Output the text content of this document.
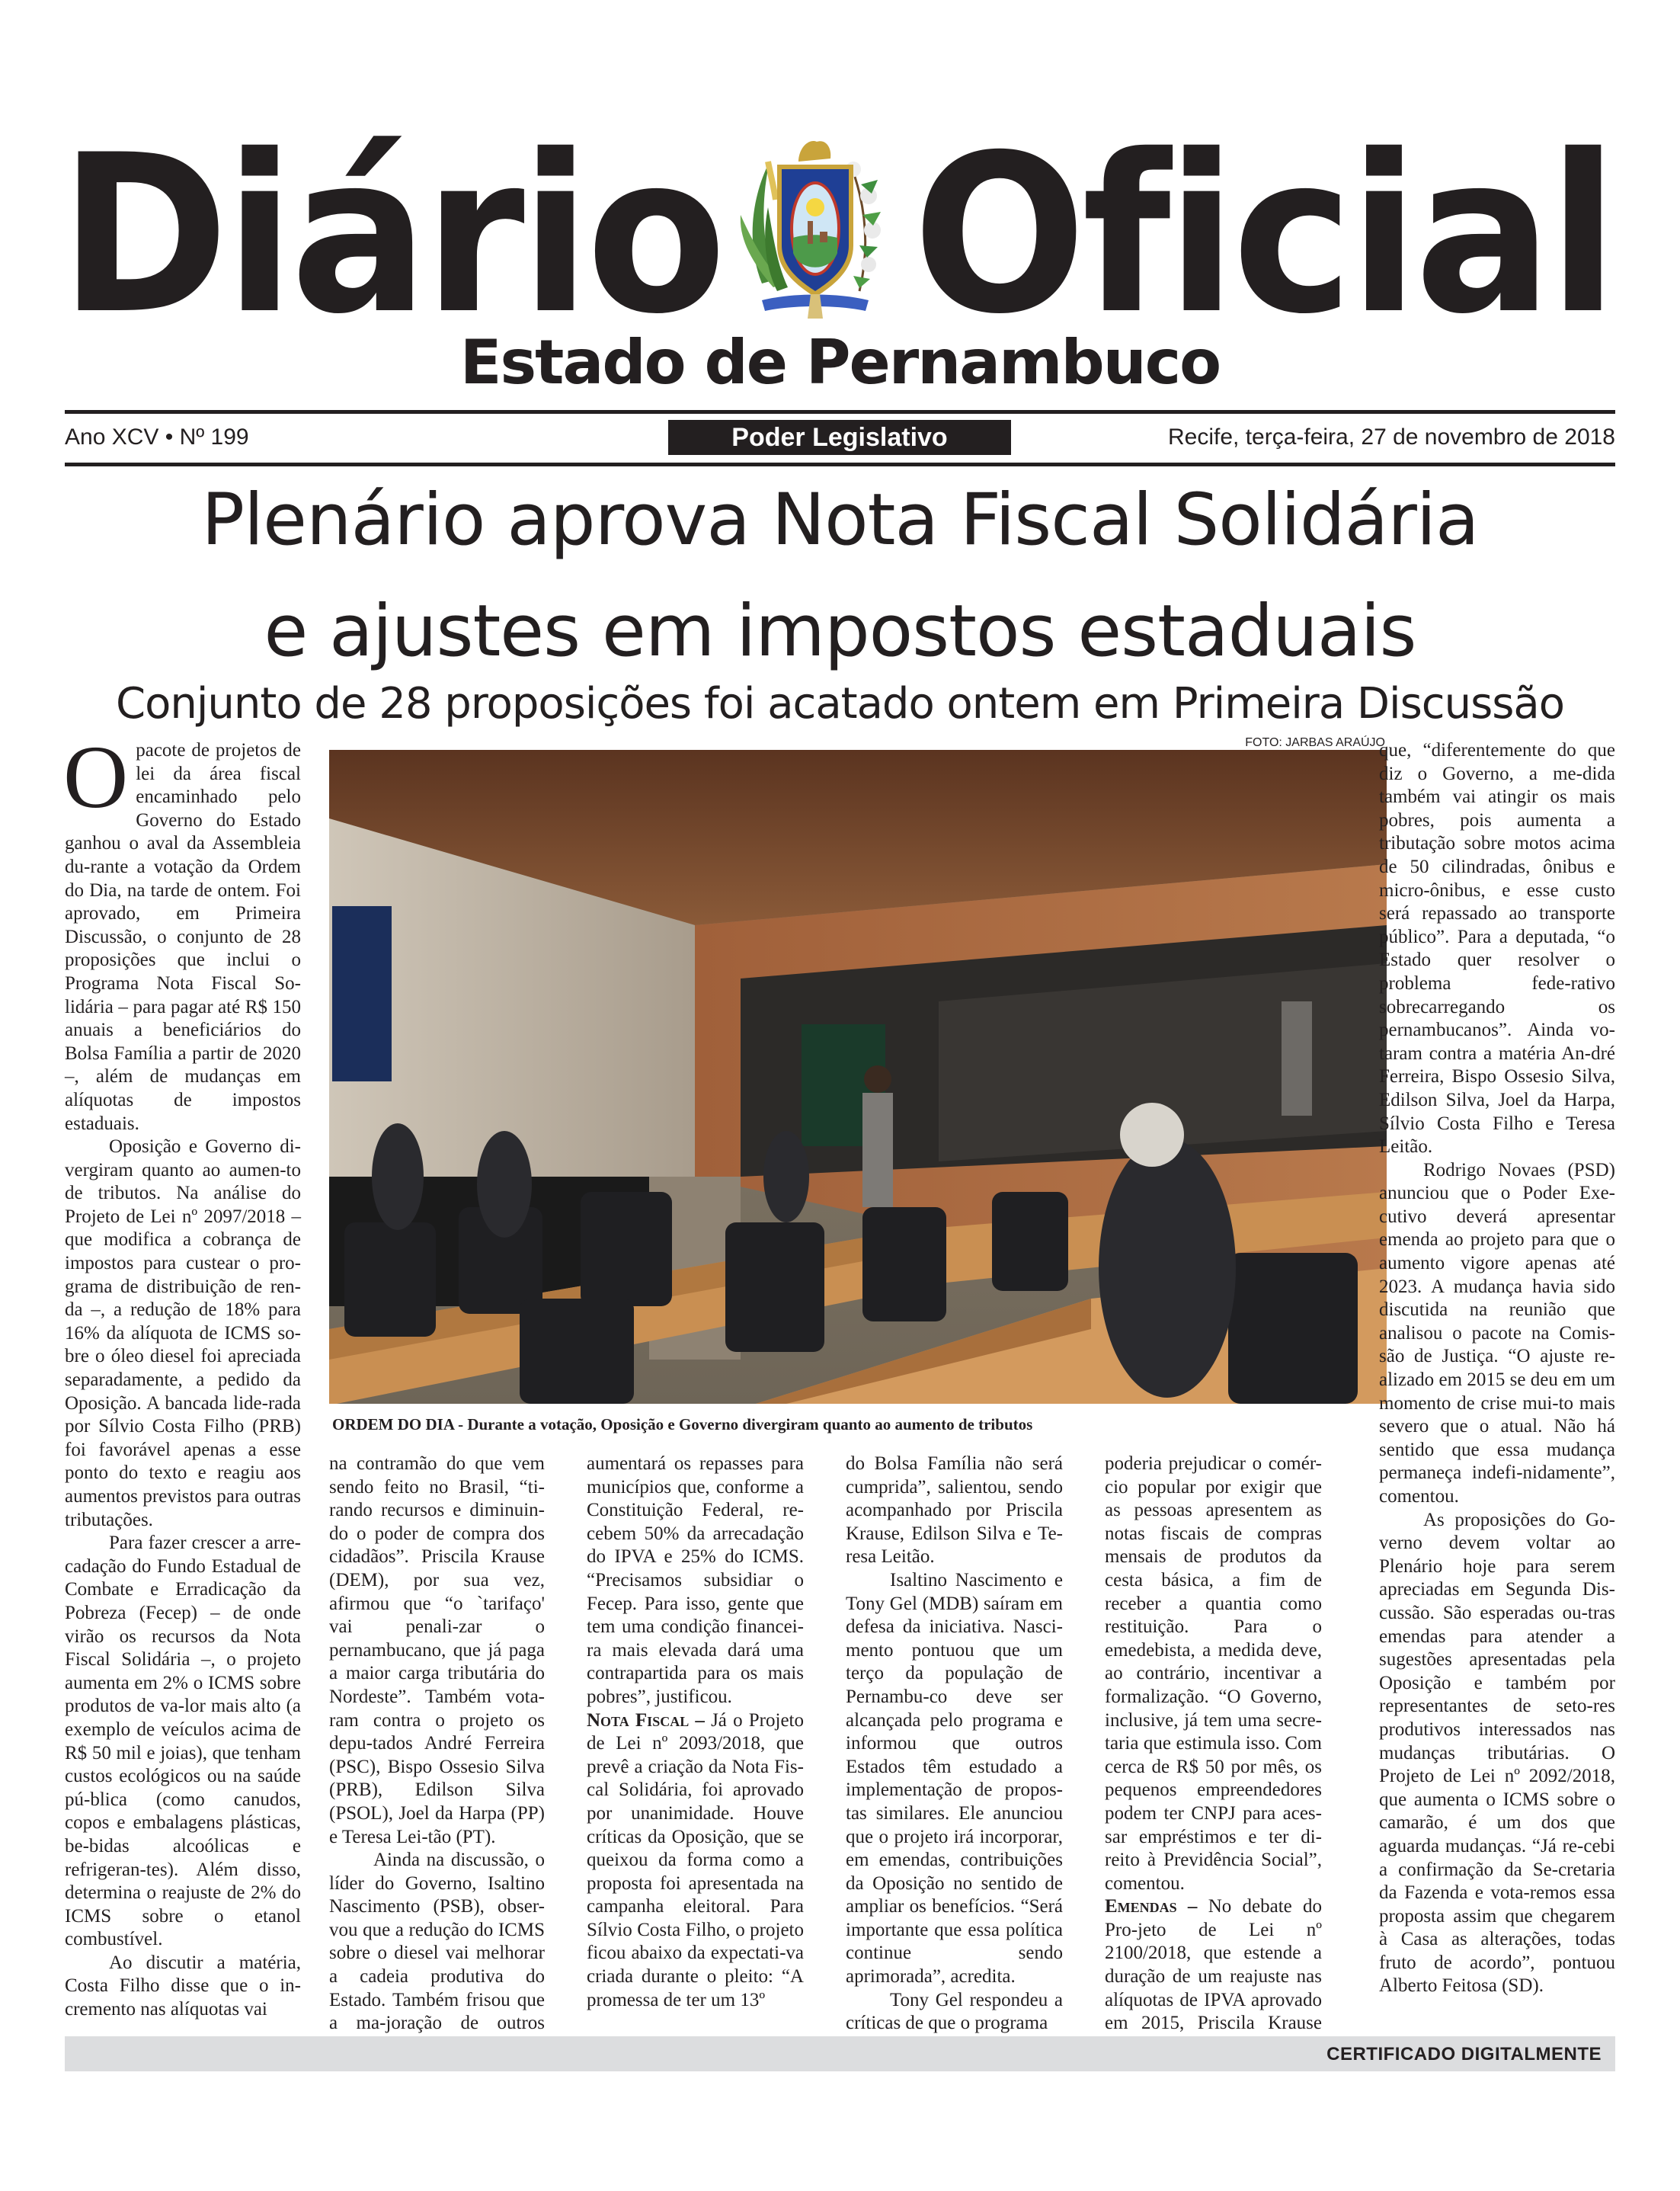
Diário Oficial
Estado de Pernambuco
Ano XCV • Nº 199	Poder Legislativo	Recife, terça-feira, 27 de novembro de 2018
Plenário aprova Nota Fiscal Solidária
e ajustes em impostos estaduais
Conjunto de 28 proposições foi acatado ontem em Primeira Discussão

Opacote de projetos de lei da área fiscal encaminhado pelo Governo do Estado ganhou o aval da Assembleia du-rante a votação da Ordem do Dia, na tarde de ontem. Foi aprovado, em Primeira Discussão, o conjunto de 28 proposições que inclui o Programa Nota Fiscal So-lidária – para pagar até R$ 150 anuais a beneficiários do Bolsa Família a partir de 2020 –, além de mudanças em alíquotas de impostos estaduais.

Oposição e Governo di-vergiram quanto ao aumen-to de tributos. Na análise do Projeto de Lei nº 2097/2018 – que modifica a cobrança de impostos para custear o pro-grama de distribuição de ren-da –, a redução de 18% para 16% da alíquota de ICMS so-bre o óleo diesel foi apreciada separadamente, a pedido da Oposição. A bancada lide-rada por Sílvio Costa Filho (PRB) foi favorável apenas a esse ponto do texto e reagiu aos aumentos previstos para outras tributações.

Para fazer crescer a arre-cadação do Fundo Estadual de Combate e Erradicação da Pobreza (Fecep) – de onde virão os recursos da Nota Fiscal Solidária –, o projeto aumenta em 2% o ICMS sobre produtos de va-lor mais alto (a exemplo de veículos acima de R$ 50 mil e joias), que tenham custos ecológicos ou na saúde pú-blica (como canudos, copos e embalagens plásticas, be-bidas alcoólicas e refrigeran-tes). Além disso, determina o reajuste de 2% do ICMS sobre o etanol combustível.

Ao discutir a matéria, Costa Filho disse que o in-cremento nas alíquotas vai

FOTO: JARBAS ARAÚJO
ORDEM DO DIA - Durante a votação, Oposição e Governo divergiram quanto ao aumento de tributos

na contramão do que vem sendo feito no Brasil, “ti-rando recursos e diminuin-do o poder de compra dos cidadãos”. Priscila Krause (DEM), por sua vez, afirmou que “o `tarifaço' vai penali-zar o pernambucano, que já paga a maior carga tributária do Nordeste”. Também vota-ram contra o projeto os depu-tados André Ferreira (PSC), Bispo Ossesio Silva (PRB), Edilson Silva (PSOL), Joel da Harpa (PP) e Teresa Lei-tão (PT).

Ainda na discussão, o líder do Governo, Isaltino Nascimento (PSB), obser-vou que a redução do ICMS sobre o diesel vai melhorar a cadeia produtiva do Estado. Também frisou que a ma-joração de outros

aumentará os repasses para municípios que, conforme a Constituição Federal, re-cebem 50% da arrecadação do IPVA e 25% do ICMS. “Precisamos subsidiar o Fecep. Para isso, gente que tem uma condição financei-ra mais elevada dará uma contrapartida para os mais pobres”, justificou.

Nota Fiscal – Já o Projeto de Lei nº 2093/2018, que prevê a criação da Nota Fis-cal Solidária, foi aprovado por unanimidade. Houve críticas da Oposição, que se queixou da forma como a proposta foi apresentada na campanha eleitoral. Para Sílvio Costa Filho, o projeto ficou abaixo da expectati-va criada durante o pleito: “A promessa de ter um 13º

do Bolsa Família não será cumprida”, salientou, sendo acompanhado por Priscila Krause, Edilson Silva e Te-resa Leitão.

Isaltino Nascimento e Tony Gel (MDB) saíram em defesa da iniciativa. Nasci-mento pontuou que um terço da população de Pernambu-co deve ser alcançada pelo programa e informou que outros Estados têm estudado a implementação de propos-tas similares. Ele anunciou que o projeto irá incorporar, em emendas, contribuições da Oposição no sentido de ampliar os benefícios. “Será importante que essa política continue sendo aprimorada”, acredita.

Tony Gel respondeu a críticas de que o programa

poderia prejudicar o comér-cio popular por exigir que as pessoas apresentem as notas fiscais de compras mensais de produtos da cesta básica, a fim de receber a quantia como restituição. Para o emedebista, a medida deve, ao contrário, incentivar a formalização. “O Governo, inclusive, já tem uma secre-taria que estimula isso. Com cerca de R$ 50 por mês, os pequenos empreendedores podem ter CNPJ para aces-sar empréstimos e ter di-reito à Previdência Social”, comentou.

Emendas – No debate do Pro-jeto de Lei nº 2100/2018, que estende a duração de um reajuste nas alíquotas de IPVA aprovado em 2015, Priscila Krause

que, “diferentemente do que diz o Governo, a me-dida também vai atingir os mais pobres, pois aumenta a tributação sobre motos acima de 50 cilindradas, ônibus e micro-ônibus, e esse custo será repassado ao transporte público”. Para a deputada, “o Estado quer resolver o problema fede-rativo sobrecarregando os pernambucanos”. Ainda vo-taram contra a matéria An-dré Ferreira, Bispo Ossesio Silva, Edilson Silva, Joel da Harpa, Sílvio Costa Filho e Teresa Leitão.

Rodrigo Novaes (PSD) anunciou que o Poder Exe-cutivo deverá apresentar emenda ao projeto para que o aumento vigore apenas até 2023. A mudança havia sido discutida na reunião que analisou o pacote na Comis-são de Justiça. “O ajuste re-alizado em 2015 se deu em um momento de crise mui-to mais severo que o atual. Não há sentido que essa mudança permaneça indefi-nidamente”, comentou.

As proposições do Go-verno devem voltar ao Plenário hoje para serem apreciadas em Segunda Dis-cussão. São esperadas ou-tras emendas para atender a sugestões apresentadas pela Oposição e também por representantes de seto-res produtivos interessados nas mudanças tributárias. O Projeto de Lei nº 2092/2018, que aumenta o ICMS sobre o camarão, é um dos que aguarda mudanças. “Já re-cebi a confirmação da Se-cretaria da Fazenda e vota-remos essa proposta assim que chegarem à Casa as alterações, todas fruto de acordo”, pontuou Alberto Feitosa (SD).

CERTIFICADO DIGITALMENTE
